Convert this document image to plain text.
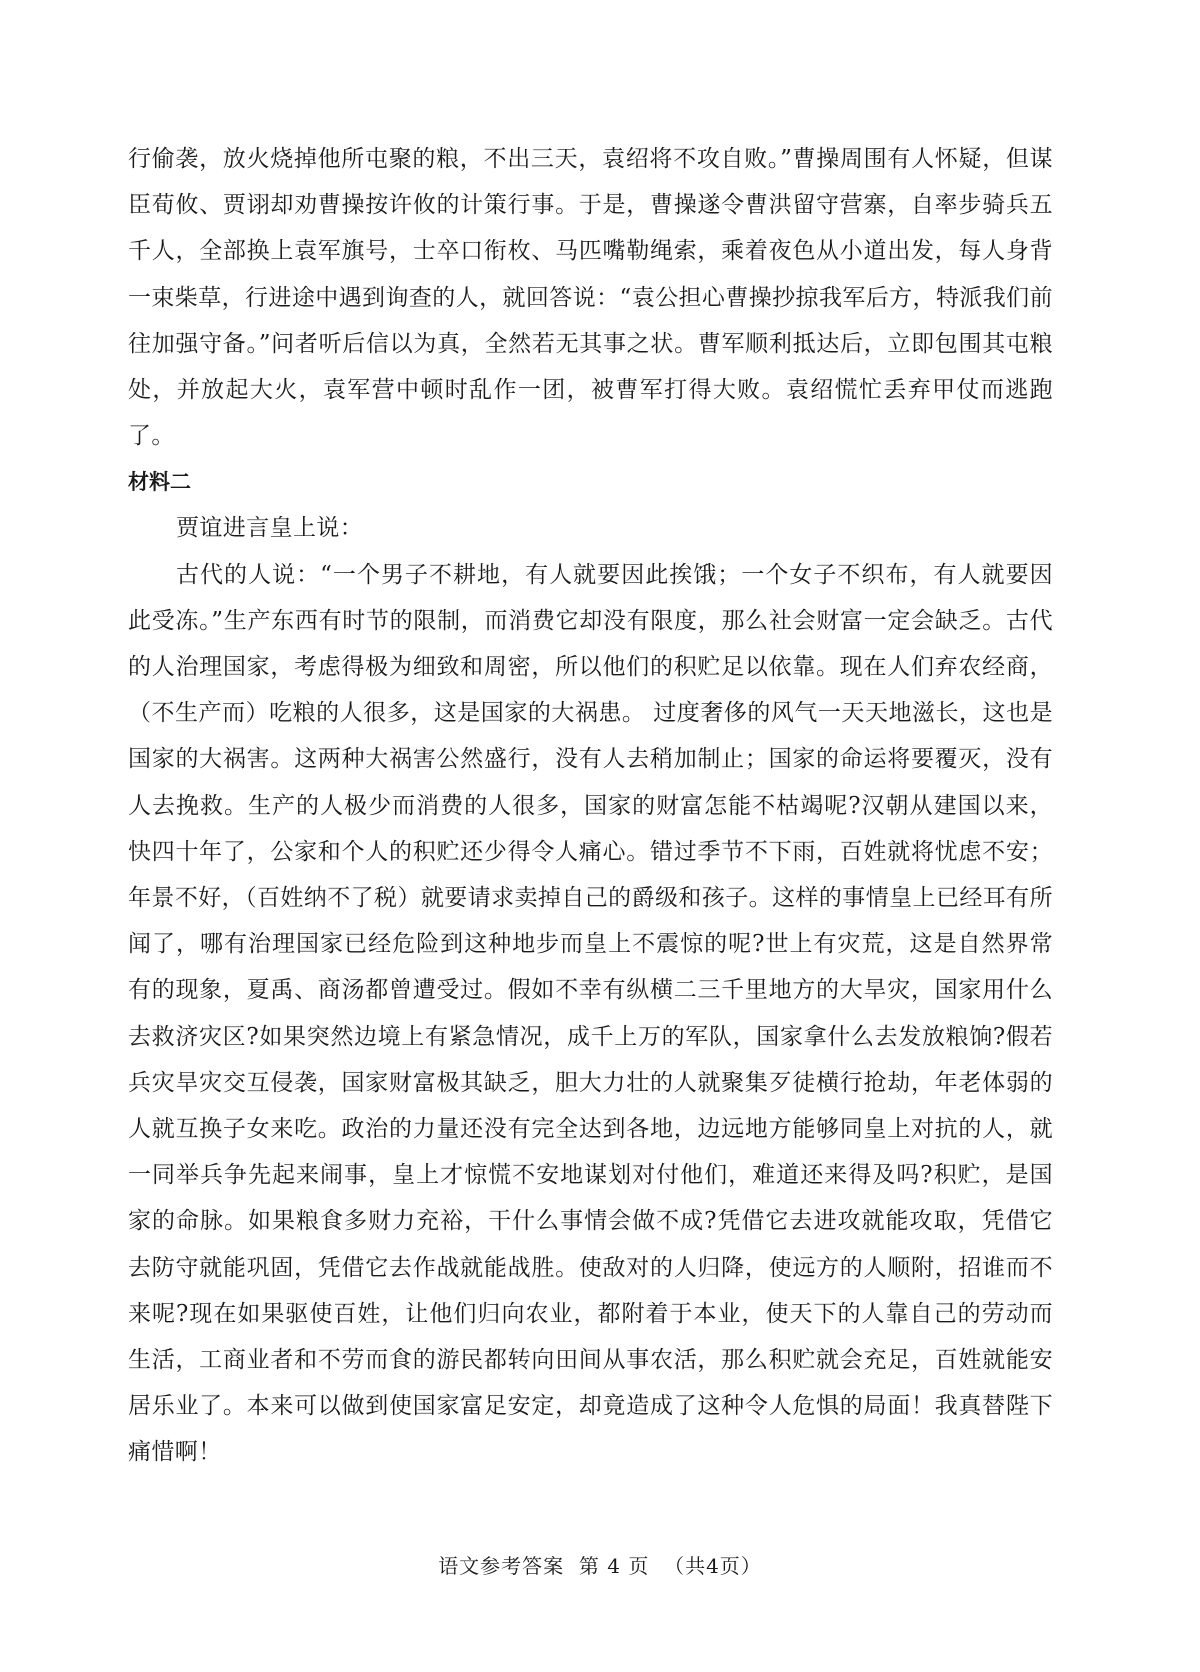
行偷袭，放火烧掉他所屯聚的粮，不出三天，袁绍将不攻自败。”曹操周围有人怀疑，但谋臣荀攸、贾诩却劝曹操按许攸的计策行事。于是，曹操遂令曹洪留守营寨，自率步骑兵五千人，全部换上袁军旗号，士卒口衔枚、马匹嘴勒绳索，乘着夜色从小道出发，每人身背一束柴草，行进途中遇到询查的人，就回答说：“袁公担心曹操抄掠我军后方，特派我们前往加强守备。”问者听后信以为真，全然若无其事之状。曹军顺利抵达后，立即包围其屯粮处，并放起大火，袁军营中顿时乱作一团，被曹军打得大败。袁绍慌忙丢弃甲仗而逃跑了。

材料二

贾谊进言皇上说：

古代的人说：“一个男子不耕地，有人就要因此挨饿；一个女子不织布，有人就要因此受冻。”生产东西有时节的限制，而消费它却没有限度，那么社会财富一定会缺乏。古代的人治理国家，考虑得极为细致和周密，所以他们的积贮足以依靠。现在人们弃农经商，（不生产而）吃粮的人很多，这是国家的大祸患。 过度奢侈的风气一天天地滋长，这也是国家的大祸害。这两种大祸害公然盛行，没有人去稍加制止；国家的命运将要覆灭，没有人去挽救。生产的人极少而消费的人很多，国家的财富怎能不枯竭呢?汉朝从建国以来，快四十年了，公家和个人的积贮还少得令人痛心。错过季节不下雨，百姓就将忧虑不安；年景不好，（百姓纳不了税）就要请求卖掉自己的爵级和孩子。这样的事情皇上已经耳有所闻了，哪有治理国家已经危险到这种地步而皇上不震惊的呢?世上有灾荒，这是自然界常有的现象，夏禹、商汤都曾遭受过。假如不幸有纵横二三千里地方的大旱灾，国家用什么去救济灾区?如果突然边境上有紧急情况，成千上万的军队，国家拿什么去发放粮饷?假若兵灾旱灾交互侵袭，国家财富极其缺乏，胆大力壮的人就聚集歹徒横行抢劫，年老体弱的人就互换子女来吃。政治的力量还没有完全达到各地，边远地方能够同皇上对抗的人，就一同举兵争先起来闹事，皇上才惊慌不安地谋划对付他们，难道还来得及吗?积贮，是国家的命脉。如果粮食多财力充裕，干什么事情会做不成?凭借它去进攻就能攻取，凭借它去防守就能巩固，凭借它去作战就能战胜。使敌对的人归降，使远方的人顺附，招谁而不来呢?现在如果驱使百姓，让他们归向农业，都附着于本业，使天下的人靠自己的劳动而生活，工商业者和不劳而食的游民都转向田间从事农活，那么积贮就会充足，百姓就能安居乐业了。本来可以做到使国家富足安定，却竟造成了这种令人危惧的局面！我真替陛下痛惜啊！

语文参考答案 第 4 页 （共4页）
